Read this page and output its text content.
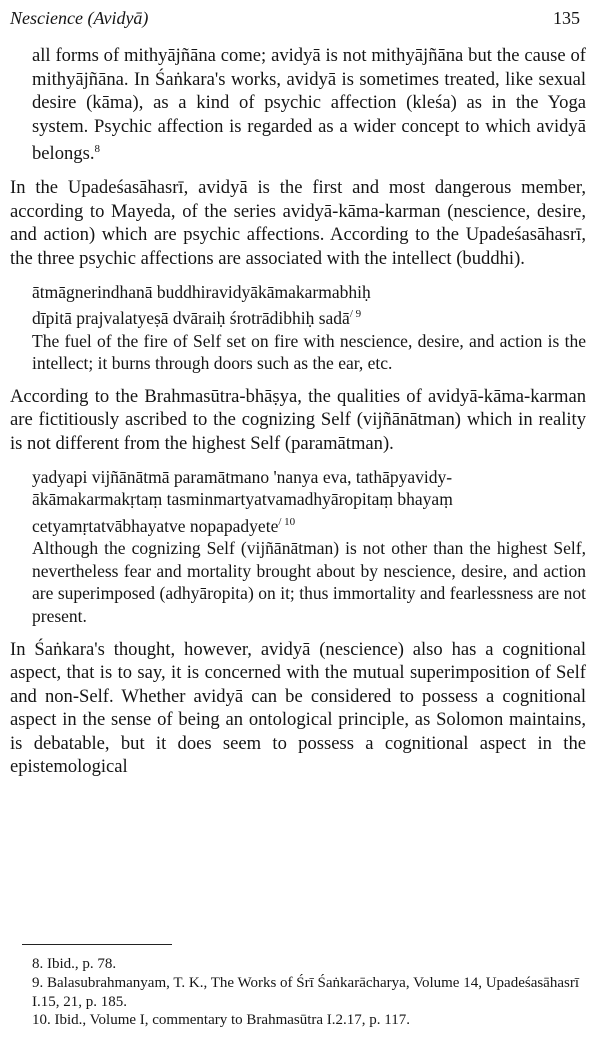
Nescience (Avidyā)	135

all forms of mithyājñāna come; avidyā is not mithyājñāna but the cause of mithyājñāna. In Śaṅkara's works, avidyā is sometimes treated, like sexual desire (kāma), as a kind of psychic affection (kleśa) as in the Yoga system. Psychic affection is regarded as a wider concept to which avidyā belongs.$^8$

In the Upadeśasāhasrī, avidyā is the first and most dangerous member, according to Mayeda, of the series avidyā-kāma-karman (nescience, desire, and action) which are psychic affections. According to the Upadeśasāhasrī, the three psychic affections are associated with the intellect (buddhi).

ātmāgnerindhanā buddhiravidyākāmakarmabhiḥ
dīpitā prajvalatyeṣā dvāraiḥ śrotrādibhiḥ sadā$^{/ 9}$

The fuel of the fire of Self set on fire with nescience, desire, and action is the intellect; it burns through doors such as the ear, etc.

According to the Brahmasūtra-bhāṣya, the qualities of avidyā-kāma-karman are fictitiously ascribed to the cognizing Self (vijñānātman) which in reality is not different from the highest Self (paramātman).

yadyapi vijñānātmā paramātmano 'nanya eva, tathāpyavidy-
ākāmakarmakṛtaṃ tasminmartyatvamadhyāropitaṃ bhayaṃ
cetyamṛtatvābhayatve nopapadyete$^{/ 10}$

Although the cognizing Self (vijñānātman) is not other than the highest Self, nevertheless fear and mortality brought about by nescience, desire, and action are superimposed (adhyāropita) on it; thus immortality and fearlessness are not present.

In Śaṅkara's thought, however, avidyā (nescience) also has a cognitional aspect, that is to say, it is concerned with the mutual superimposition of Self and non-Self. Whether avidyā can be considered to possess a cognitional aspect in the sense of being an ontological principle, as Solomon maintains, is debatable, but it does seem to possess a cognitional aspect in the epistemological

8. Ibid., p. 78.
9. Balasubrahmanyam, T. K., The Works of Śrī Śaṅkarācharya, Volume 14, Upadeśasāhasrī I.15, 21, p. 185.
10. Ibid., Volume I, commentary to Brahmasūtra I.2.17, p. 117.
